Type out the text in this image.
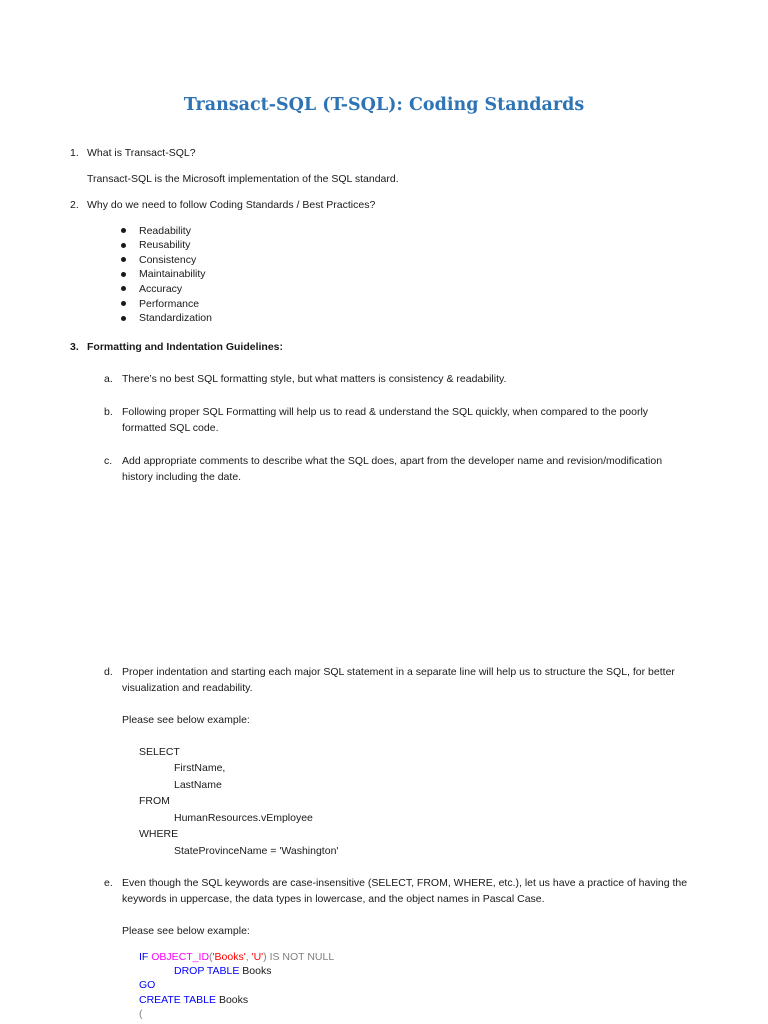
Transact-SQL (T-SQL): Coding Standards
1. What is Transact-SQL?
Transact-SQL is the Microsoft implementation of the SQL standard.
2. Why do we need to follow Coding Standards / Best Practices?
Readability
Reusability
Consistency
Maintainability
Accuracy
Performance
Standardization
3. Formatting and Indentation Guidelines:
a. There’s no best SQL formatting style, but what matters is consistency & readability.
b. Following proper SQL Formatting will help us to read & understand the SQL quickly, when compared to the poorly
formatted SQL code.
c. Add appropriate comments to describe what the SQL does, apart from the developer name and revision/modification
history including the date.
d. Proper indentation and starting each major SQL statement in a separate line will help us to structure the SQL, for better
visualization and readability.
Please see below example:
SELECT
FirstName,
LastName
FROM
HumanResources.vEmployee
WHERE
StateProvinceName = 'Washington'
e. Even though the SQL keywords are case-insensitive (SELECT, FROM, WHERE, etc.), let us have a practice of having the
keywords in uppercase, the data types in lowercase, and the object names in Pascal Case.
Please see below example:
IF OBJECT_ID('Books', 'U') IS NOT NULL
DROP TABLE Books
GO
CREATE TABLE Books
(
